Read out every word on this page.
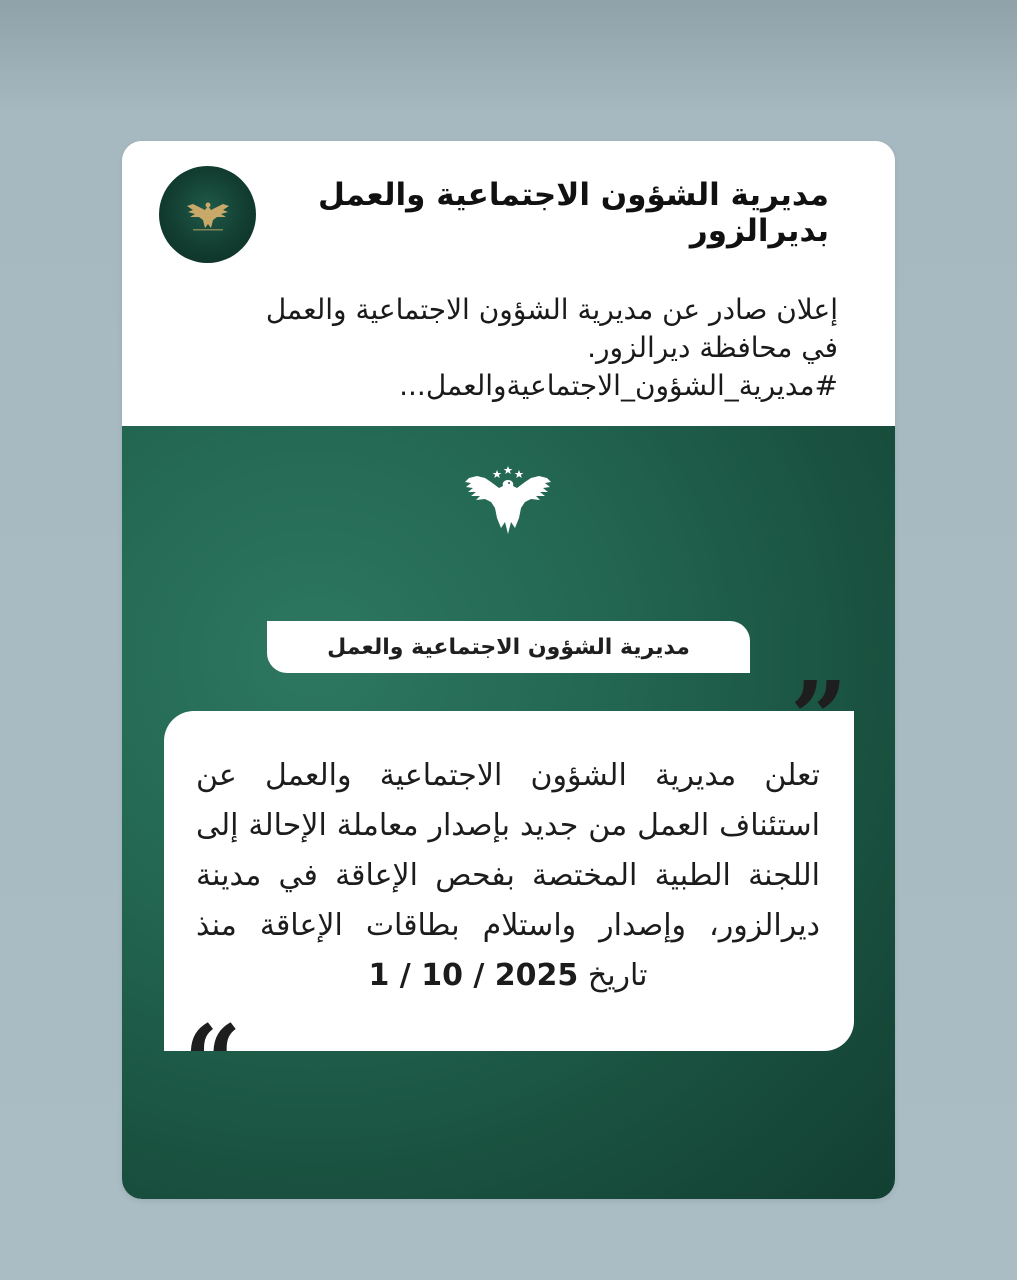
مديرية الشؤون الاجتماعية والعمل بديرالزور
إعلان صادر عن مديرية الشؤون الاجتماعية والعمل
في محافظة ديرالزور.
#مديرية_الشؤون_الاجتماعيةوالعمل...
مديرية الشؤون الاجتماعية والعمل
تعلن مديرية الشؤون الاجتماعية والعمل عن استئناف العمل من جديد بإصدار معاملة الإحالة إلى اللجنة الطبية المختصة بفحص الإعاقة في مدينة ديرالزور، وإصدار واستلام بطاقات الإعاقة منذ تاريخ 1 / 10 / 2025
”
“
